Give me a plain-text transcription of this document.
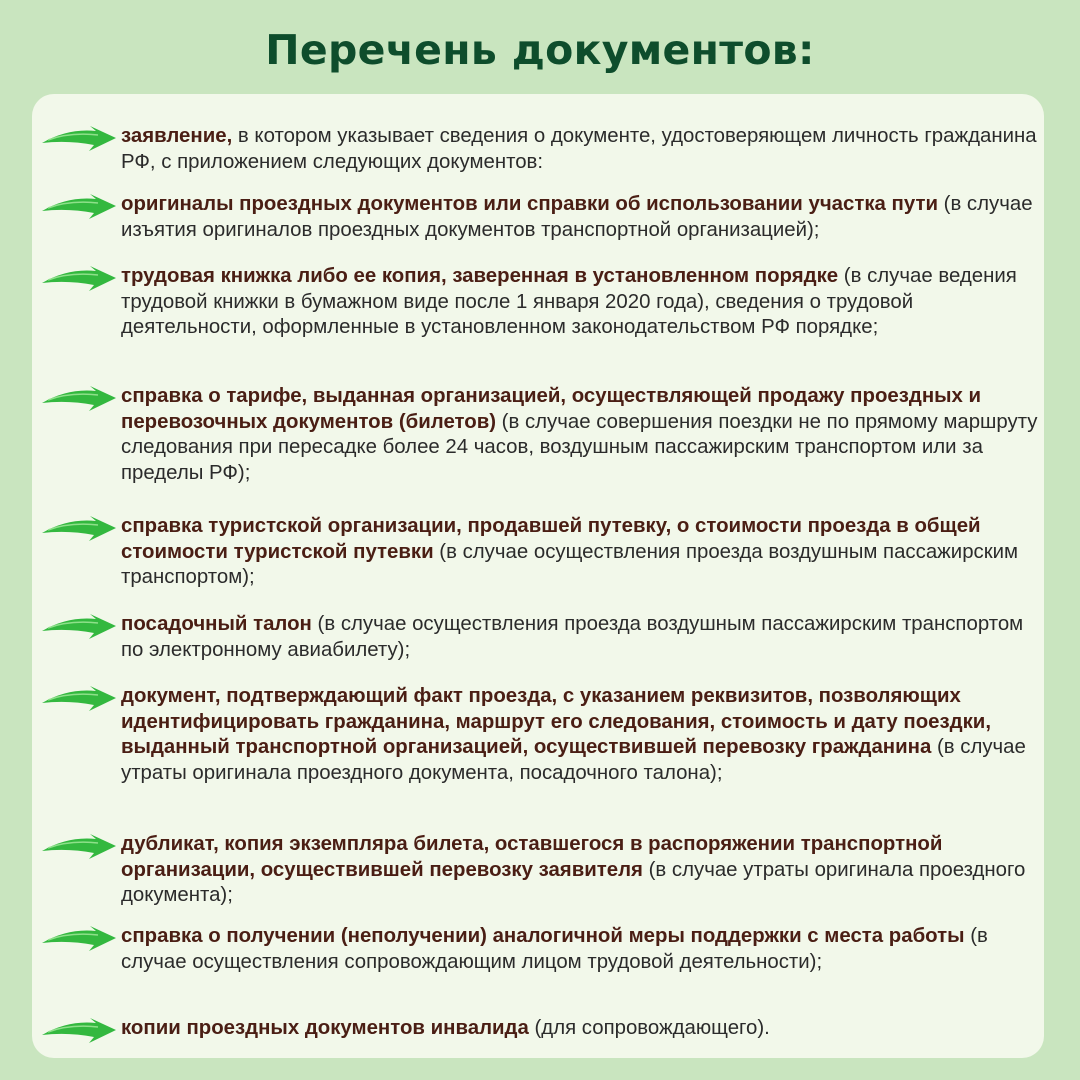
Перечень документов:

заявление, в котором указывает сведения о документе, удостоверяющем личность гражданина РФ, с приложением следующих документов:

оригиналы проездных документов или справки об использовании участка пути (в случае изъятия оригиналов проездных документов транспортной организацией);

трудовая книжка либо ее копия, заверенная в установленном порядке (в случае ведения трудовой книжки в бумажном виде после 1 января 2020 года), сведения о трудовой деятельности, оформленные в установленном законодательством РФ порядке;

справка о тарифе, выданная организацией, осуществляющей продажу проездных и перевозочных документов (билетов) (в случае совершения поездки не по прямому маршруту следования при пересадке более 24 часов, воздушным пассажирским транспортом или за пределы РФ);

справка туристской организации, продавшей путевку, о стоимости проезда в общей стоимости туристской путевки (в случае осуществления проезда воздушным пассажирским транспортом);

посадочный талон (в случае осуществления проезда воздушным пассажирским транспортом по электронному авиабилету);

документ, подтверждающий факт проезда, с указанием реквизитов, позволяющих идентифицировать гражданина, маршрут его следования, стоимость и дату поездки, выданный транспортной организацией, осуществившей перевозку гражданина (в случае утраты оригинала проездного документа, посадочного талона);

дубликат, копия экземпляра билета, оставшегося в распоряжении транспортной организации, осуществившей перевозку заявителя (в случае утраты оригинала проездного документа);

справка о получении (неполучении) аналогичной меры поддержки с места работы (в случае осуществления сопровождающим лицом трудовой деятельности);

копии проездных документов инвалида (для сопровождающего).
